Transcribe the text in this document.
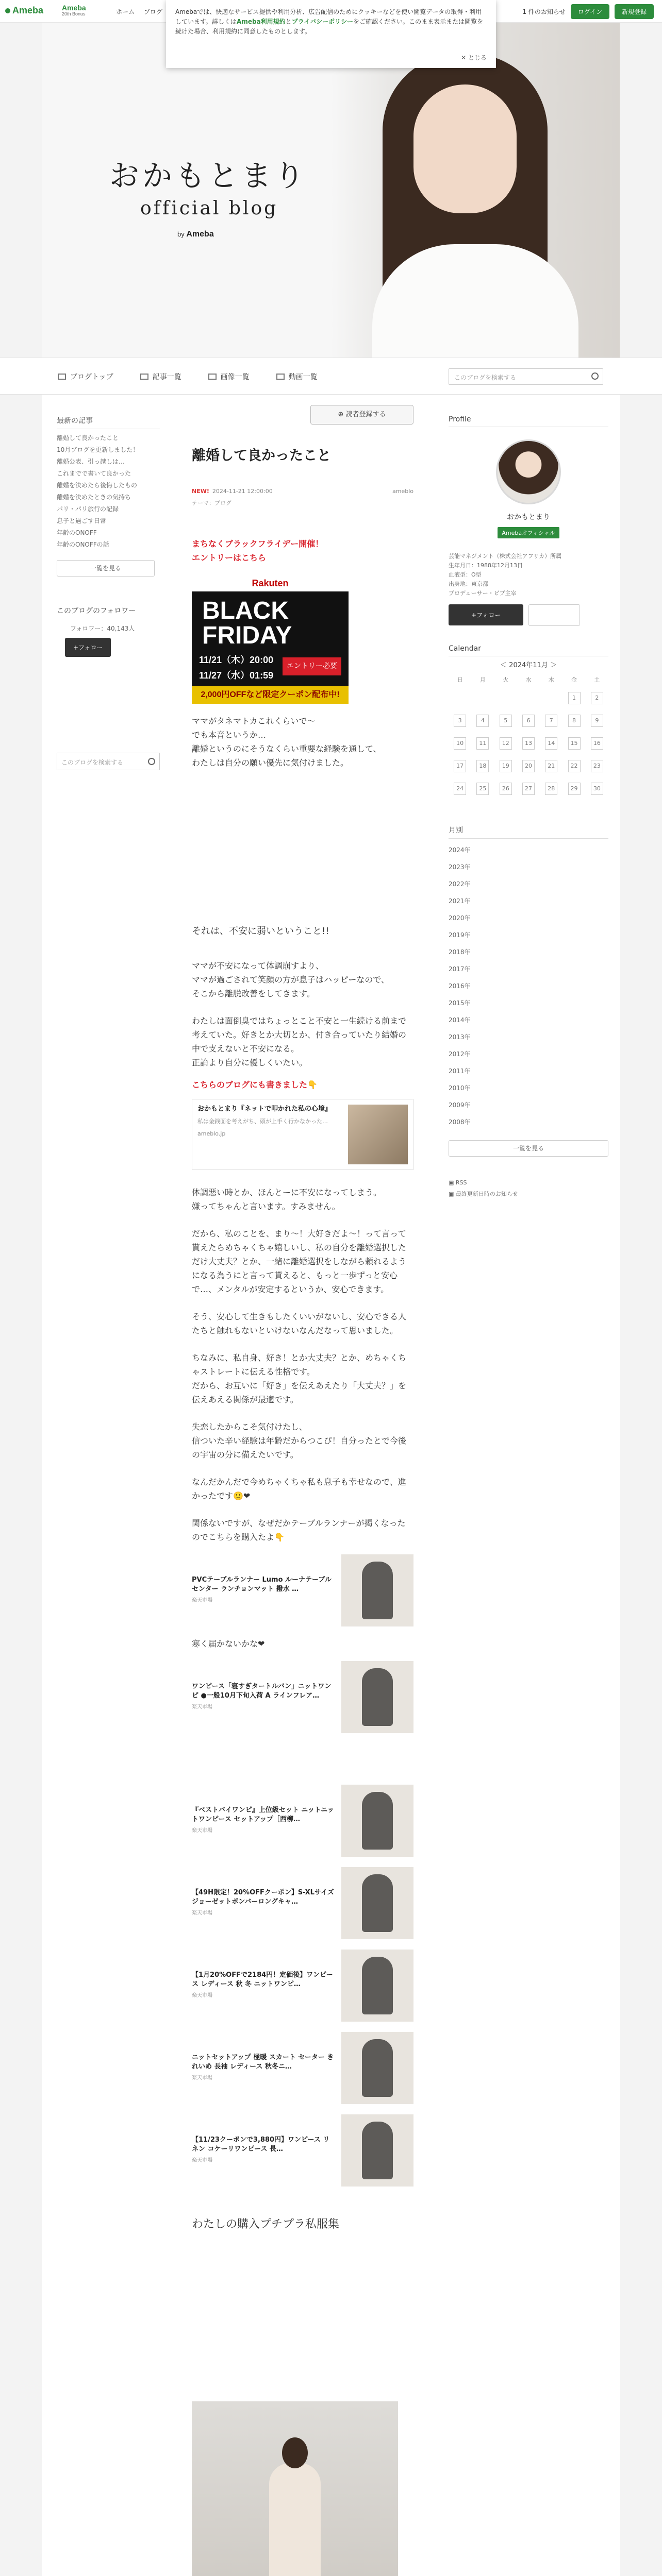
Ameba	Ameba
20th Bonus	ホーム ブログ	1 件のお知らせ	ログイン	新規登録
Amebaでは、快適なサービス提供や利用分析、広告配信のためにクッキーなどを使い閲覧データの取得・利用しています。詳しくはAmeba利用規約とプライバシーポリシーをご確認ください。このまま表示または閲覧を続けた場合、利用規約に同意したものとします。
✕ とじる
おかもとまり
official blog
by Ameba
ブログトップ	記事一覧	画像一覧	動画一覧	このブログを検索する
最新の記事
離婚して良かったこと
10月ブログを更新しました！
離婚公表、引っ越しは…
これまでで書いて良かった
離婚を決めたら後悔したもの
離婚を決めたときの気持ち
パリ・パリ旅行の記録
息子と過ごす日常
年齢のONOFF
年齢のONOFFの話
一覧を見る
このブログのフォロワー
フォロワー：40,143人
+フォロー
このブログを検索する
⊕ 読者登録する
離婚して良かったこと
NEW! 2024-11-21 12:00:00	ameblo
テーマ：ブログ

まちなくブラックフライデー開催！

エントリーはこちら

Rakuten
BLACK
FRIDAY
11/21（木）20:00
11/27（水）01:59
エントリー必要
2,000円OFFなど限定クーポン配布中!

ママがタネマトカこれくらいで〜

でも本音というか…

離婚というのにそうなくらい重要な経験を通して、

わたしは自分の願い優先に気付けました。

それは、不安に弱いということ!!

ママが不安になって体調崩すより、

ママが過ごされて笑顔の方が息子はハッピーなので、

そこから離脱改善をしてきます。

わたしは面倒臭ではちょっとこと不安と一生続ける前まで考えていた。好きとか大切とか、付き合っていたり結婚の中で支えないと不安になる。

正論より自分に優しくいたい。

こちらのブログにも書きました👇

おかもとまり『ネットで叩かれた私の心境』
私は金銭面を考えがち、頭が上手く行かなかった…
ameblo.jp

体調悪い時とか、ほんとーに不安になってしまう。

嫌ってちゃんと言います。すみません。

だから、私のことを、まり〜！大好きだよ〜！って言って貰えたらめちゃくちゃ嬉しいし、私の自分を離婚選択しただけ大丈夫？とか、一緒に離婚選択をしながら頼れるようになる為うにと言って貰えると、もっと一歩ずっと安心で…、メンタルが安定するというか、安心できます。

そう、安心して生きもしたくいいがないし、安心できる人たちと触れもないといけないなんだなって思いました。

ちなみに、私自身、好き！とか大丈夫？とか、めちゃくちゃストレートに伝える性格です。

だから、お互いに「好き」を伝えあえたり「大丈夫？」を伝えあえる関係が最適です。

失恋したからこそ気付けたし、

信ついた辛い経験は年齢だからつこぴ！自分ったとで今後の宇宙の分に備えたいです。

なんだかんだで今めちゃくちゃ私も息子も幸せなので、進かったです🙂❤

関係ないですが、なぜだかテーブルランナーが掲くなったのでこちらを購入たよ👇

PVCテーブルランナー Lumo ルーナテーブルセンター ランチョンマット 撥水 …
楽天市場

寒く届かないかな❤

ワンピース「寝すぎタートルバン」ニットワンピ ●一般10月下旬入荷 A ラインフレア…
楽天市場
『ベストバイワンピ』上位級セット ニットニットワンピース セットアップ［西柳…
楽天市場
【49H限定！20%OFFクーポン】S-XLサイズ ジョーゼットボンバーロングキャ…
楽天市場
【1月20%OFFで2184円！定価後】ワンピース レディース 秋 冬 ニットワンピ…
楽天市場
ニットセットアップ 極暖 スカート セーター きれいめ 長袖 レディース 秋冬ニ…
楽天市場
【11/23クーポンで3,880円】ワンピース リネン コケーリワンピース 長…
楽天市場

わたしの購入プチプラ私服集

Profile
おかもとまり
Amebaオフィシャル
芸能マネジメント（株式会社アフリカ）所属
生年月日：1988年12月13日
血液型：O型
出身地：東京都
プロデューサー・ビブ主宰
+フォロー
Calendar
＜ 2024年11月 ＞
日	月	火	水	木	金	土
					1	2
3	4	5	6	7	8	9
10	11	12	13	14	15	16
17	18	19	20	21	22	23
24	25	26	27	28	29	30
月別
2024年
2023年
2022年
2021年
2020年
2019年
2018年
2017年
2016年
2015年
2014年
2013年
2012年
2011年
2010年
2009年
2008年
一覧を見る
▣ RSS
▣ 最終更新日時のお知らせ
